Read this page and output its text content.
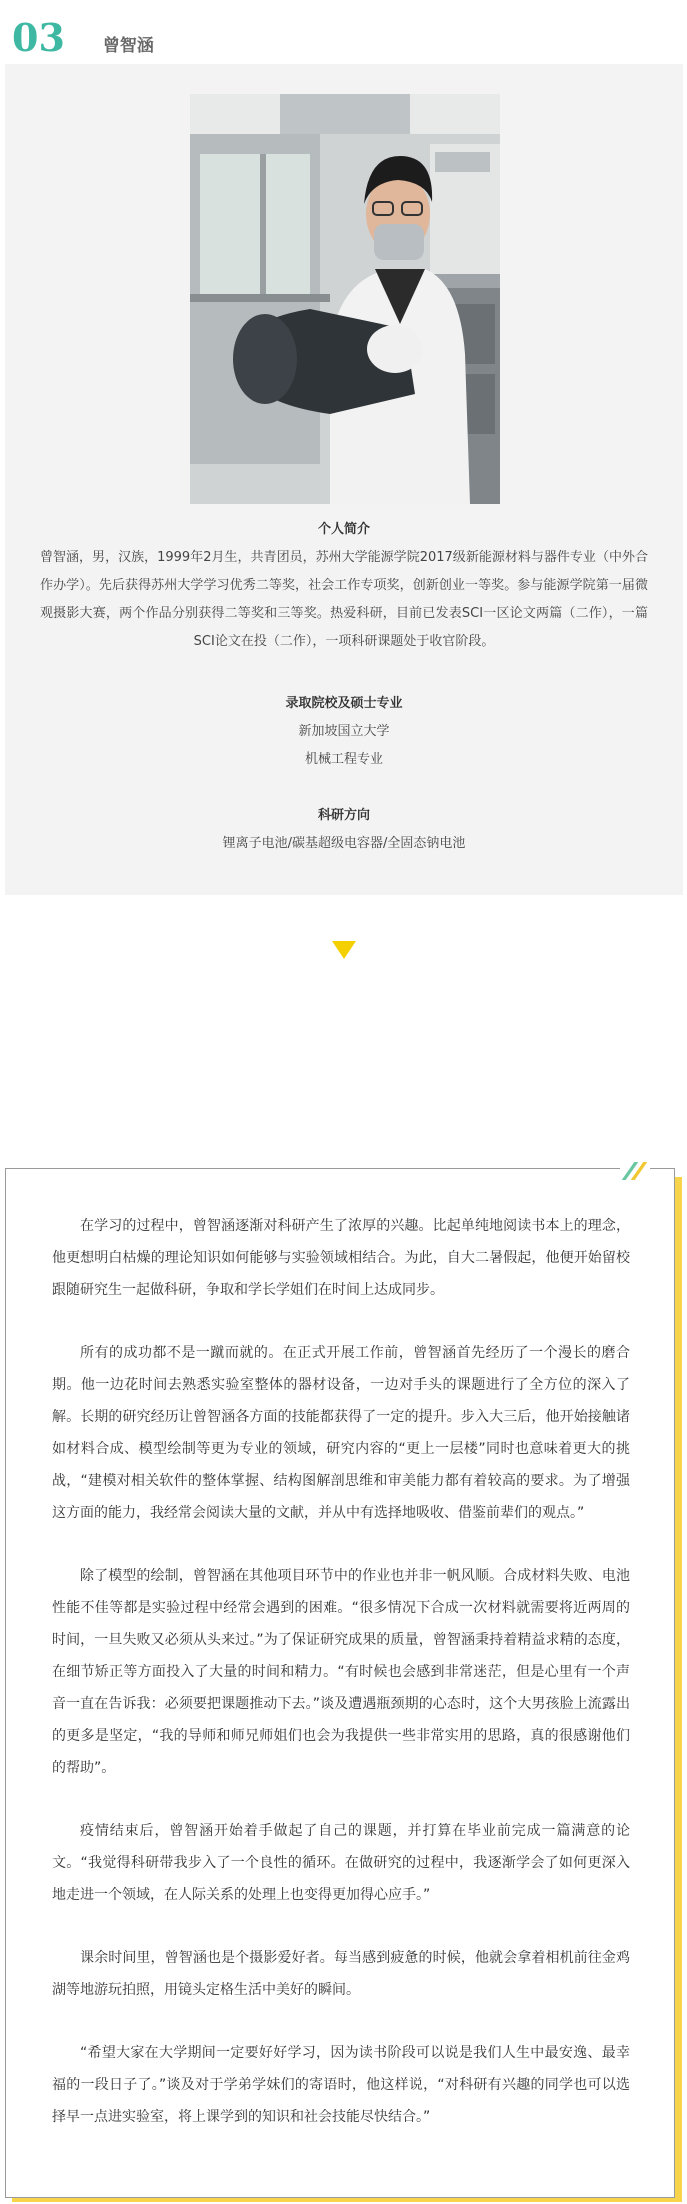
03 曾智涵
个人简介
曾智涵，男，汉族，1999年2月生，共青团员，苏州大学能源学院2017级新能源材料与器件专业（中外合作办学）。先后获得苏州大学学习优秀二等奖，社会工作专项奖，创新创业一等奖。参与能源学院第一届微观摄影大赛，两个作品分别获得二等奖和三等奖。热爱科研，目前已发表SCI一区论文两篇（二作），一篇SCI论文在投（二作），一项科研课题处于收官阶段。
录取院校及硕士专业
新加坡国立大学
机械工程专业
科研方向
锂离子电池/碳基超级电容器/全固态钠电池

在学习的过程中，曾智涵逐渐对科研产生了浓厚的兴趣。比起单纯地阅读书本上的理念，他更想明白枯燥的理论知识如何能够与实验领域相结合。为此，自大二暑假起，他便开始留校跟随研究生一起做科研，争取和学长学姐们在时间上达成同步。

所有的成功都不是一蹴而就的。在正式开展工作前，曾智涵首先经历了一个漫长的磨合期。他一边花时间去熟悉实验室整体的器材设备，一边对手头的课题进行了全方位的深入了解。长期的研究经历让曾智涵各方面的技能都获得了一定的提升。步入大三后，他开始接触诸如材料合成、模型绘制等更为专业的领域，研究内容的“更上一层楼”同时也意味着更大的挑战，“建模对相关软件的整体掌握、结构图解剖思维和审美能力都有着较高的要求。为了增强这方面的能力，我经常会阅读大量的文献，并从中有选择地吸收、借鉴前辈们的观点。”

除了模型的绘制，曾智涵在其他项目环节中的作业也并非一帆风顺。合成材料失败、电池性能不佳等都是实验过程中经常会遇到的困难。“很多情况下合成一次材料就需要将近两周的时间，一旦失败又必须从头来过。”为了保证研究成果的质量，曾智涵秉持着精益求精的态度，在细节矫正等方面投入了大量的时间和精力。“有时候也会感到非常迷茫，但是心里有一个声音一直在告诉我：必须要把课题推动下去。”谈及遭遇瓶颈期的心态时，这个大男孩脸上流露出的更多是坚定，“我的导师和师兄师姐们也会为我提供一些非常实用的思路，真的很感谢他们的帮助”。

疫情结束后，曾智涵开始着手做起了自己的课题，并打算在毕业前完成一篇满意的论文。“我觉得科研带我步入了一个良性的循环。在做研究的过程中，我逐渐学会了如何更深入地走进一个领域，在人际关系的处理上也变得更加得心应手。”

课余时间里，曾智涵也是个摄影爱好者。每当感到疲惫的时候，他就会拿着相机前往金鸡湖等地游玩拍照，用镜头定格生活中美好的瞬间。

“希望大家在大学期间一定要好好学习，因为读书阶段可以说是我们人生中最安逸、最幸福的一段日子了。”谈及对于学弟学妹们的寄语时，他这样说，“对科研有兴趣的同学也可以选择早一点进实验室，将上课学到的知识和社会技能尽快结合。”
